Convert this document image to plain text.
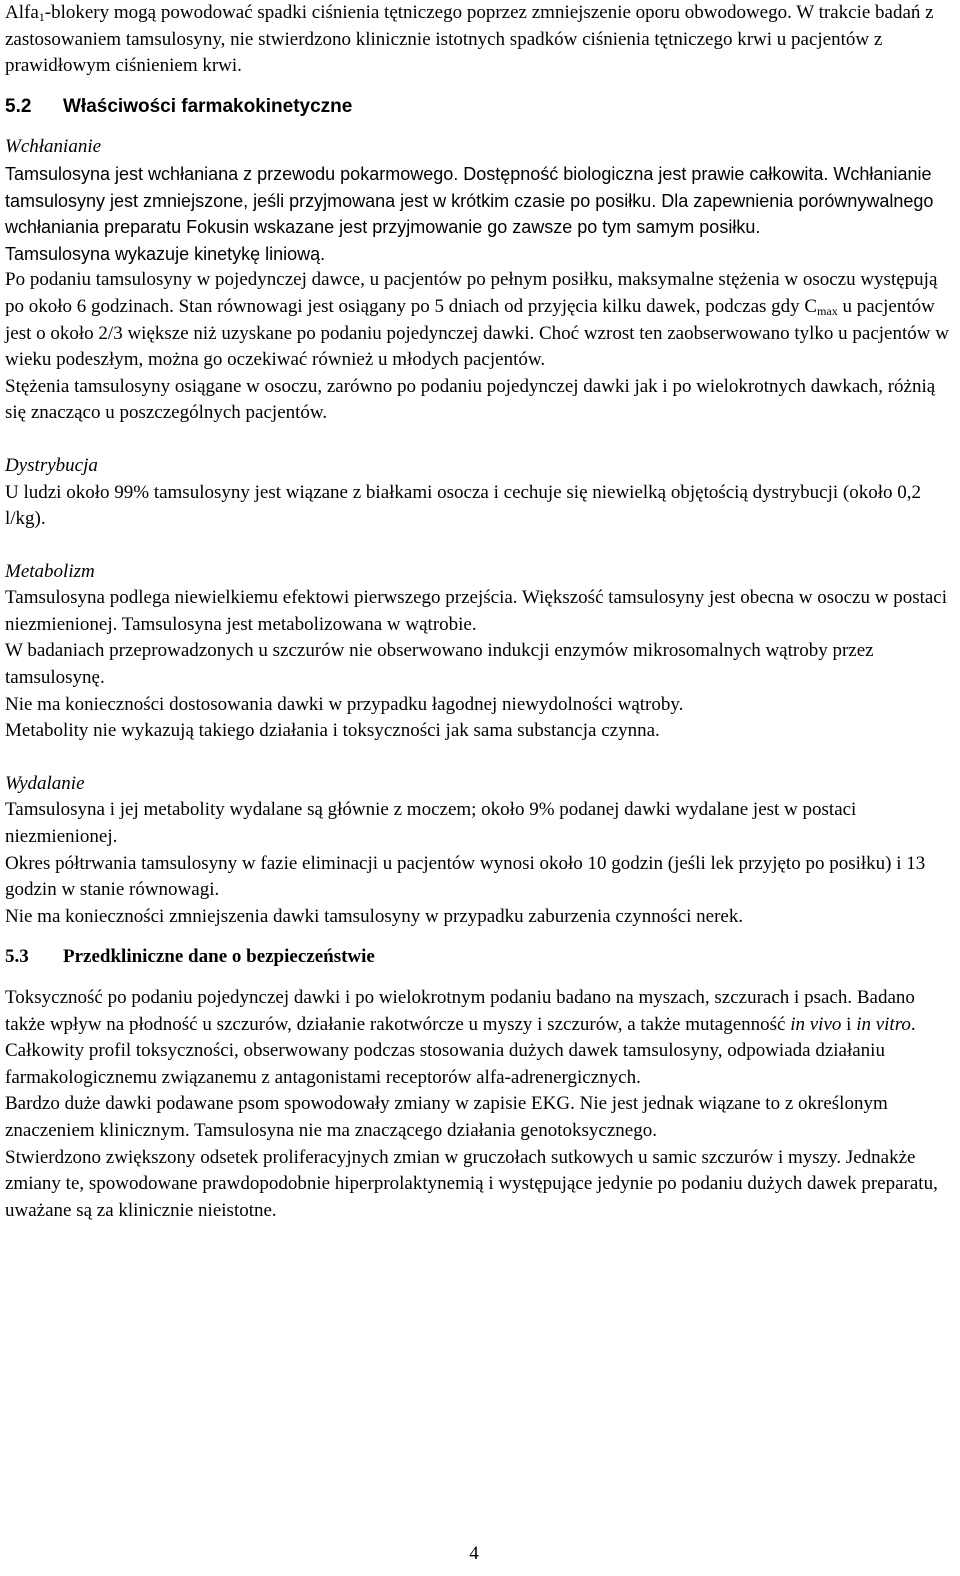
Alfa$_1$-blokery mogą powodować spadki ciśnienia tętniczego poprzez zmniejszenie oporu obwodowego. W trakcie badań z zastosowaniem tamsulosyny, nie stwierdzono klinicznie istotnych spadków ciśnienia tętniczego krwi u pacjentów z prawidłowym ciśnieniem krwi.

5.2 Właściwości farmakokinetyczne

Wchłanianie

Tamsulosyna jest wchłaniana z przewodu pokarmowego. Dostępność biologiczna jest prawie całkowita. Wchłanianie tamsulosyny jest zmniejszone, jeśli przyjmowana jest w krótkim czasie po posiłku. Dla zapewnienia porównywalnego wchłaniania preparatu Fokusin wskazane jest przyjmowanie go zawsze po tym samym posiłku.

Tamsulosyna wykazuje kinetykę liniową.

Po podaniu tamsulosyny w pojedynczej dawce, u pacjentów po pełnym posiłku, maksymalne stężenia w osoczu występują po około 6 godzinach. Stan równowagi jest osiągany po 5 dniach od przyjęcia kilku dawek, podczas gdy $C_{max}$ u pacjentów jest o około 2/3 większe niż uzyskane po podaniu pojedynczej dawki. Choć wzrost ten zaobserwowano tylko u pacjentów w wieku podeszłym, można go oczekiwać również u młodych pacjentów.

Stężenia tamsulosyny osiągane w osoczu, zarówno po podaniu pojedynczej dawki jak i po wielokrotnych dawkach, różnią się znacząco u poszczególnych pacjentów.

Dystrybucja

U ludzi około 99% tamsulosyny jest wiązane z białkami osocza i cechuje się niewielką objętością dystrybucji (około 0,2 l/kg).

Metabolizm

Tamsulosyna podlega niewielkiemu efektowi pierwszego przejścia. Większość tamsulosyny jest obecna w osoczu w postaci niezmienionej. Tamsulosyna jest metabolizowana w wątrobie.

W badaniach przeprowadzonych u szczurów nie obserwowano indukcji enzymów mikrosomalnych wątroby przez tamsulosynę.

Nie ma konieczności dostosowania dawki w przypadku łagodnej niewydolności wątroby.

Metabolity nie wykazują takiego działania i toksyczności jak sama substancja czynna.

Wydalanie

Tamsulosyna i jej metabolity wydalane są głównie z moczem; około 9% podanej dawki wydalane jest w postaci niezmienionej.

Okres półtrwania tamsulosyny w fazie eliminacji u pacjentów wynosi około 10 godzin (jeśli lek przyjęto po posiłku) i 13 godzin w stanie równowagi.

Nie ma konieczności zmniejszenia dawki tamsulosyny w przypadku zaburzenia czynności nerek.

5.3 Przedkliniczne dane o bezpieczeństwie

Toksyczność po podaniu pojedynczej dawki i po wielokrotnym podaniu badano na myszach, szczurach i psach. Badano także wpływ na płodność u szczurów, działanie rakotwórcze u myszy i szczurów, a także mutagenność in vivo i in vitro. Całkowity profil toksyczności, obserwowany podczas stosowania dużych dawek tamsulosyny, odpowiada działaniu farmakologicznemu związanemu z antagonistami receptorów alfa-adrenergicznych.

Bardzo duże dawki podawane psom spowodowały zmiany w zapisie EKG. Nie jest jednak wiązane to z określonym znaczeniem klinicznym. Tamsulosyna nie ma znaczącego działania genotoksycznego.

Stwierdzono zwiększony odsetek proliferacyjnych zmian w gruczołach sutkowych u samic szczurów i myszy. Jednakże zmiany te, spowodowane prawdopodobnie hiperprolaktynemią i występujące jedynie po podaniu dużych dawek preparatu, uważane są za klinicznie nieistotne.

4
